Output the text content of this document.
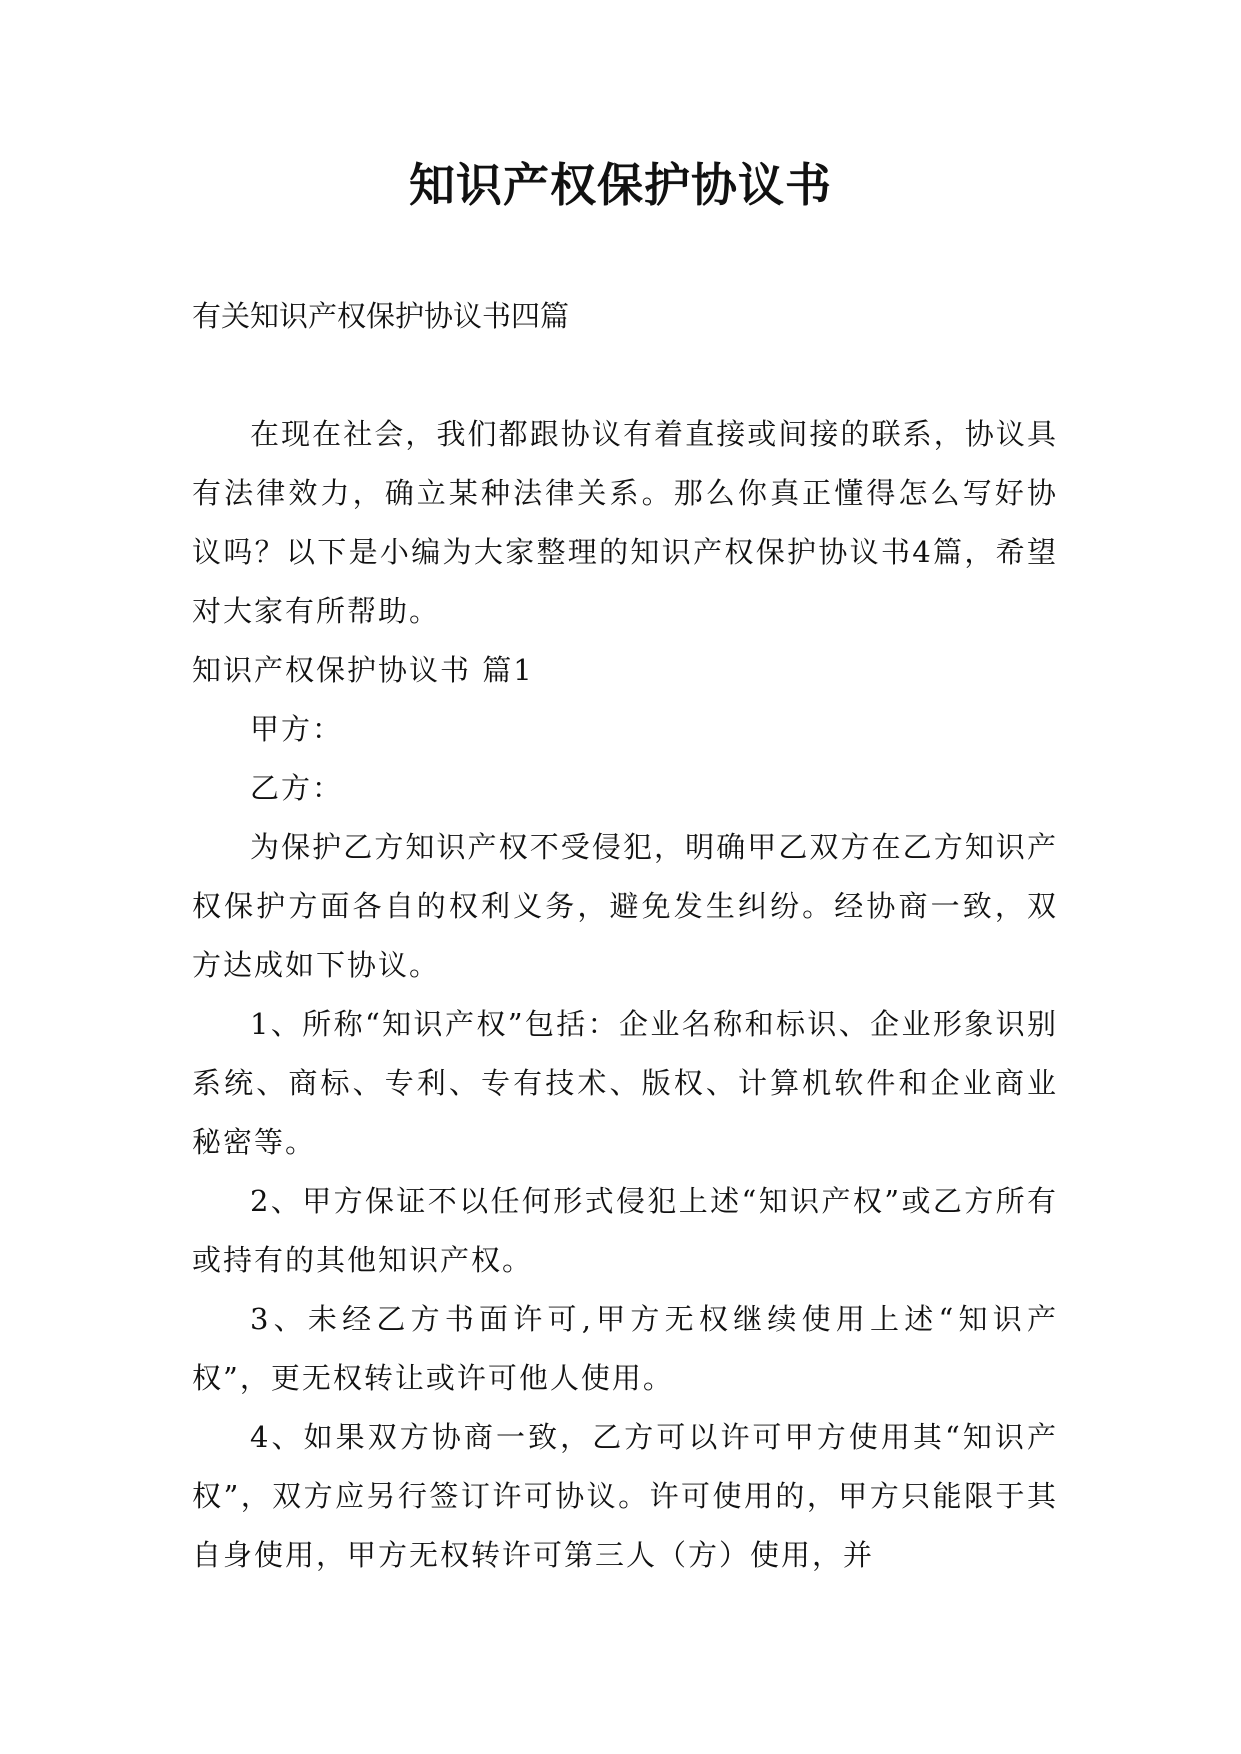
知识产权保护协议书

有关知识产权保护协议书四篇

在现在社会，我们都跟协议有着直接或间接的联系，协议具有法律效力，确立某种法律关系。那么你真正懂得怎么写好协议吗？以下是小编为大家整理的知识产权保护协议书4篇，希望对大家有所帮助。

知识产权保护协议书 篇1

甲方：

乙方：

为保护乙方知识产权不受侵犯，明确甲乙双方在乙方知识产权保护方面各自的权利义务，避免发生纠纷。经协商一致，双方达成如下协议。

1、所称“知识产权”包括：企业名称和标识、企业形象识别系统、商标、专利、专有技术、版权、计算机软件和企业商业秘密等。

2、甲方保证不以任何形式侵犯上述“知识产权”或乙方所有或持有的其他知识产权。

3、未经乙方书面许可,甲方无权继续使用上述“知识产权”，更无权转让或许可他人使用。

4、如果双方协商一致，乙方可以许可甲方使用其“知识产权”，双方应另行签订许可协议。许可使用的，甲方只能限于其自身使用，甲方无权转许可第三人（方）使用，并
